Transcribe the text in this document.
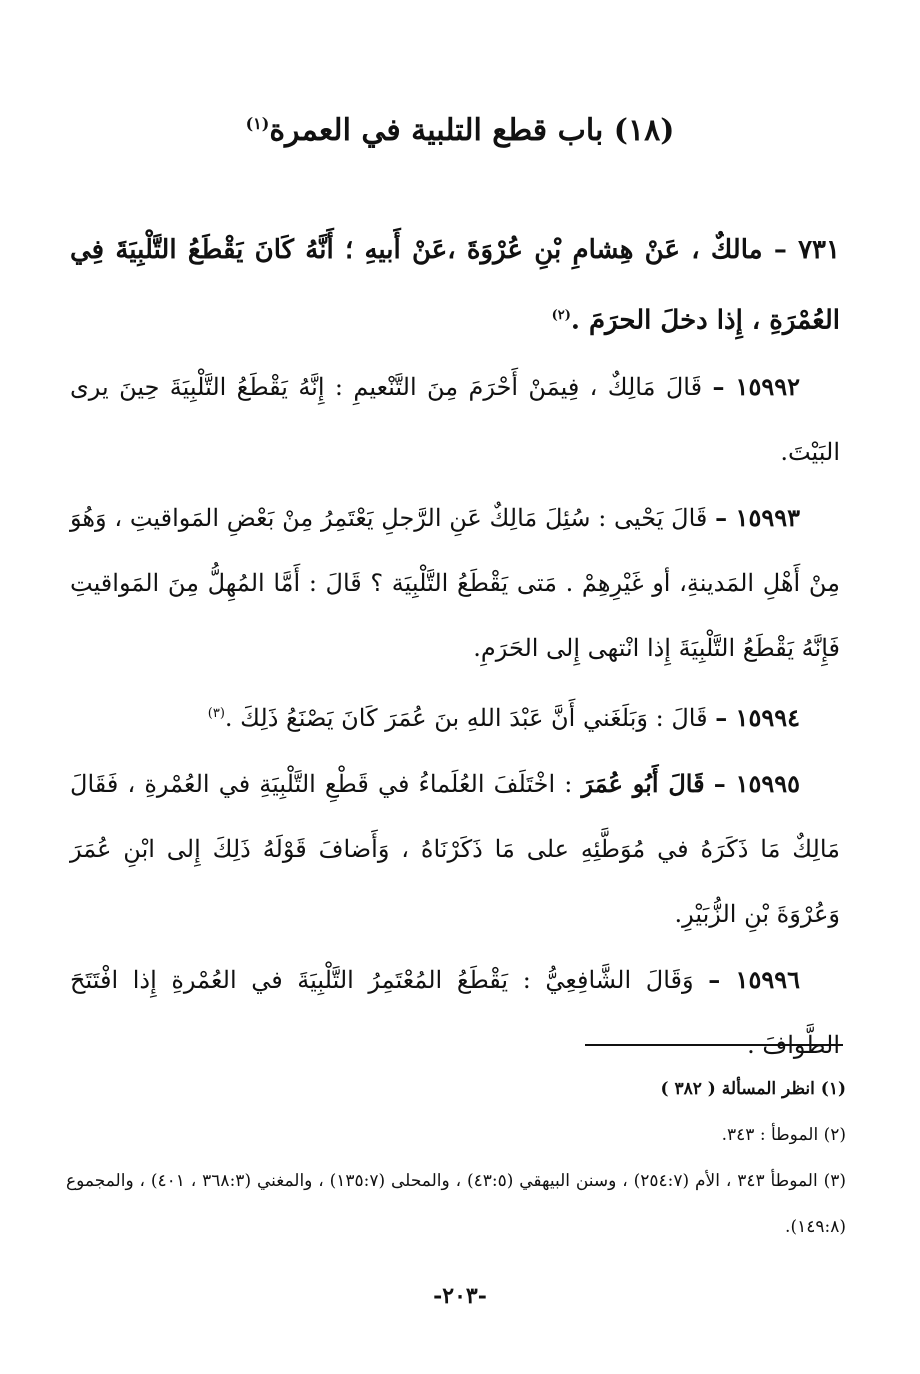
(١٨) باب قطع التلبية في العمرة$^{(١)}$

٧٣١ – مالكٌ ، عَنْ هِشامِ بْنِ عُرْوَةَ ،عَنْ أَبيهِ ؛ أَنَّهُ كَانَ يَقْطَعُ التَّلْبِيَةَ فِي العُمْرَةِ ، إِذا دخلَ الحرَمَ .$^{(٢)}$

١٥٩٩٢ – قَالَ مَالِكٌ ، فِيمَنْ أَحْرَمَ مِنَ التَّنْعيمِ : إِنَّهُ يَقْطَعُ التَّلْبِيَةَ حِينَ يرى البَيْتَ.

١٥٩٩٣ – قَالَ يَحْيى : سُئِلَ مَالِكٌ عَنِ الرَّجلِ يَعْتَمِرُ مِنْ بَعْضِ المَواقيتِ ، وَهُوَ مِنْ أَهْلِ المَدينةِ، أو غَيْرِهِمْ . مَتى يَقْطَعُ التَّلْبِيَة ؟ قَالَ : أَمَّا المُهِلُّ مِنَ المَواقيتِ فَإِنَّهُ يَقْطَعُ التَّلْبِيَةَ إِذا انْتهى إِلى الحَرَمِ.

١٥٩٩٤ – قَالَ : وَبَلَغَني أَنَّ عَبْدَ اللهِ بنَ عُمَرَ كَانَ يَصْنَعُ ذَلِكَ .$^{(٣)}$

١٥٩٩٥ – قَالَ أَبُو عُمَرَ : اخْتَلَفَ العُلَماءُ في قَطْعِ التَّلْبِيَةِ في العُمْرةِ ، فَقَالَ مَالِكٌ مَا ذَكَرَهُ في مُوَطَّئِهِ على مَا ذَكَرْنَاهُ ، وَأَضافَ قَوْلَهُ ذَلِكَ إِلى ابْنِ عُمَرَ وَعُرْوَةَ بْنِ الزُّبَيْرِ.

١٥٩٩٦ – وَقَالَ الشَّافِعِيُّ : يَقْطَعُ المُعْتَمِرُ التَّلْبِيَةَ في العُمْرةِ إِذا افْتَتَحَ الطَّوافَ .

(١) انظر المسألة ( ٣٨٢ )

(٢) الموطأ : ٣٤٣.

(٣) الموطأ ٣٤٣ ، الأم (٢٥٤:٧) ، وسنن البيهقي (٤٣:٥) ، والمحلى (١٣٥:٧) ، والمغني (٣٦٨:٣ ، ٤٠١) ، والمجموع (١٤٩:٨).

-٢٠٣-
